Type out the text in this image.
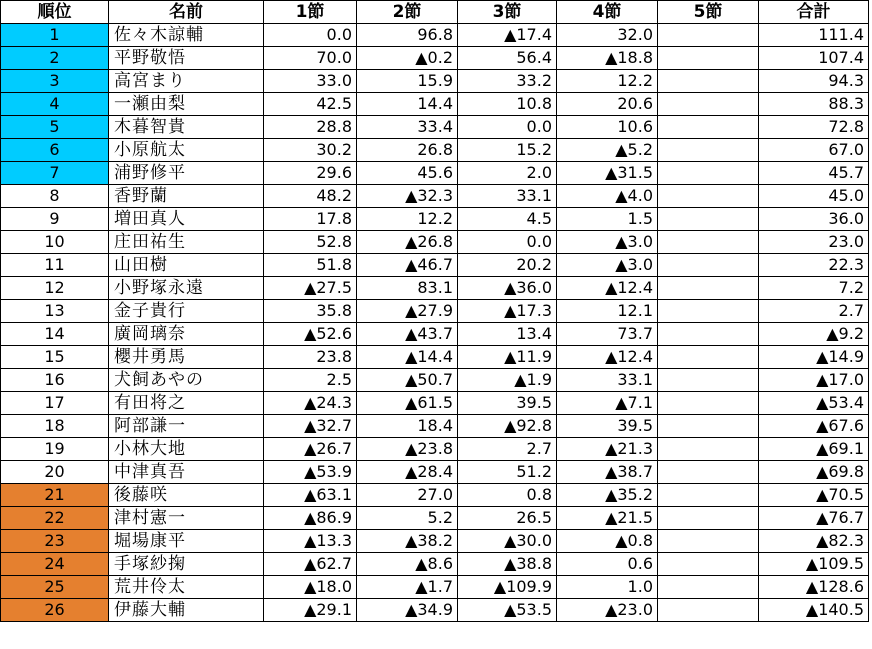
順位	名前	1節	2節	3節	4節	5節	合計
1	佐々木諒輔	0.0	96.8	▲17.4	32.0		111.4
2	平野敬悟	70.0	▲0.2	56.4	▲18.8		107.4
3	高宮まり	33.0	15.9	33.2	12.2		94.3
4	一瀬由梨	42.5	14.4	10.8	20.6		88.3
5	木暮智貴	28.8	33.4	0.0	10.6		72.8
6	小原航太	30.2	26.8	15.2	▲5.2		67.0
7	浦野修平	29.6	45.6	2.0	▲31.5		45.7
8	香野蘭	48.2	▲32.3	33.1	▲4.0		45.0
9	増田真人	17.8	12.2	4.5	1.5		36.0
10	庄田祐生	52.8	▲26.8	0.0	▲3.0		23.0
11	山田樹	51.8	▲46.7	20.2	▲3.0		22.3
12	小野塚永遠	▲27.5	83.1	▲36.0	▲12.4		7.2
13	金子貴行	35.8	▲27.9	▲17.3	12.1		2.7
14	廣岡璃奈	▲52.6	▲43.7	13.4	73.7		▲9.2
15	櫻井勇馬	23.8	▲14.4	▲11.9	▲12.4		▲14.9
16	犬飼あやの	2.5	▲50.7	▲1.9	33.1		▲17.0
17	有田将之	▲24.3	▲61.5	39.5	▲7.1		▲53.4
18	阿部謙一	▲32.7	18.4	▲92.8	39.5		▲67.6
19	小林大地	▲26.7	▲23.8	2.7	▲21.3		▲69.1
20	中津真吾	▲53.9	▲28.4	51.2	▲38.7		▲69.8
21	後藤咲	▲63.1	27.0	0.8	▲35.2		▲70.5
22	津村憲一	▲86.9	5.2	26.5	▲21.5		▲76.7
23	堀場康平	▲13.3	▲38.2	▲30.0	▲0.8		▲82.3
24	手塚紗掬	▲62.7	▲8.6	▲38.8	0.6		▲109.5
25	荒井伶太	▲18.0	▲1.7	▲109.9	1.0		▲128.6
26	伊藤大輔	▲29.1	▲34.9	▲53.5	▲23.0		▲140.5
